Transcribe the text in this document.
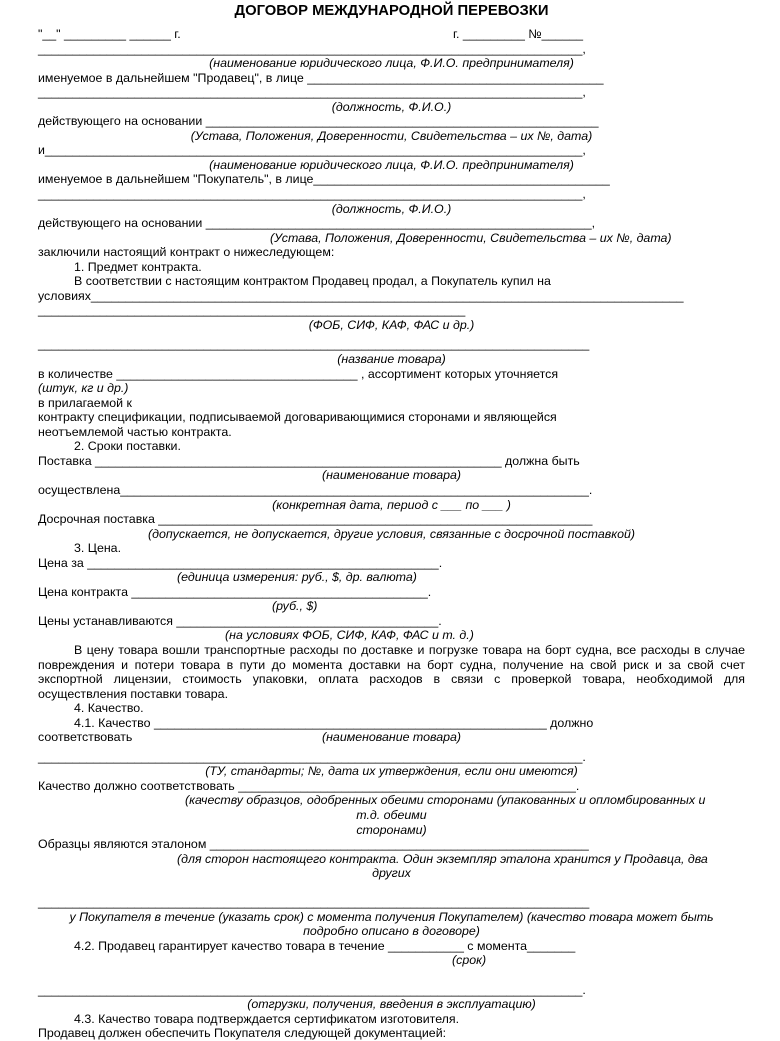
ДОГОВОР МЕЖДУНАРОДНОЙ ПЕРЕВОЗКИ
"__" _________ ______ г.	г. _________ №______
_______________________________________________________________________________,
(наименование юридического лица, Ф.И.О. предпринимателя)
именуемое в дальнейшем "Продавец", в лице ___________________________________________
_______________________________________________________________________________,
(должность, Ф.И.О.)
действующего на основании _________________________________________________________
(Устава, Положения, Доверенности, Свидетельства – их №, дата)
и______________________________________________________________________________,
(наименование юридического лица, Ф.И.О. предпринимателя)
именуемое в дальнейшем "Покупатель", в лице___________________________________________
_______________________________________________________________________________,
(должность, Ф.И.О.)
действующего на основании ________________________________________________________,
(Устава, Положения, Доверенности, Свидетельства – их №, дата)
заключили настоящий контракт о нижеследующем:
1. Предмет контракта.
В соответствии с настоящим контрактом Продавец продал, а Покупатель купил на
условиях______________________________________________________________________________________
______________________________________________________________
(ФОБ, СИФ, КАФ, ФАС и др.)
________________________________________________________________________________
(название товара)
в количестве ___________________________________ , ассортимент которых уточняется
(штук, кг и др.)
в прилагаемой к
контракту спецификации, подписываемой договаривающимися сторонами и являющейся
неотъемлемой частью контракта.
2. Сроки поставки.
Поставка ___________________________________________________________ должна быть
(наименование товара)
осуществлена____________________________________________________________________.
(конкретная дата, период с ___ по ___ )
Досрочная поставка _______________________________________________________________
(допускается, не допускается, другие условия, связанные с досрочной поставкой)
3. Цена.
Цена за ___________________________________________________.
(единица измерения: руб., $, др. валюта)
Цена контракта ___________________________________________.
(руб., $)
Цены устанавливаются ______________________________________.
(на условиях ФОБ, СИФ, КАФ, ФАС и т. д.)
В цену товара вошли транспортные расходы по доставке и погрузке товара на борт судна, все расходы в случае повреждения и потери товара в пути до момента доставки на борт судна, получение на свой риск и за свой счет экспортной лицензии, стоимость упаковки, оплата расходов в связи с проверкой товара, необходимой для осуществления поставки товара.
4. Качество.
4.1. Качество _________________________________________________________ должно
соответствовать	(наименование товара)
_______________________________________________________________________________.
(ТУ, стандарты; №, дата их утверждения, если они имеются)
Качество должно соответствовать _________________________________________________.
(качеству образцов, одобренных обеими сторонами (упакованных и опломбированных и
т.д. обеими
сторонами)
Образцы являются эталоном _______________________________________________________
(для сторон настоящего контракта. Один экземпляр эталона хранится у Продавца, два
других
________________________________________________________________________________
у Покупателя в течение (указать срок) с момента получения Покупателем) (качество товара может быть
подробно описано в договоре)
4.2. Продавец гарантирует качество товара в течение ___________ с момента_______
(срок)
_______________________________________________________________________________.
(отгрузки, получения, введения в эксплуатацию)
4.3. Качество товара подтверждается сертификатом изготовителя.
Продавец должен обеспечить Покупателя следующей документацией:
